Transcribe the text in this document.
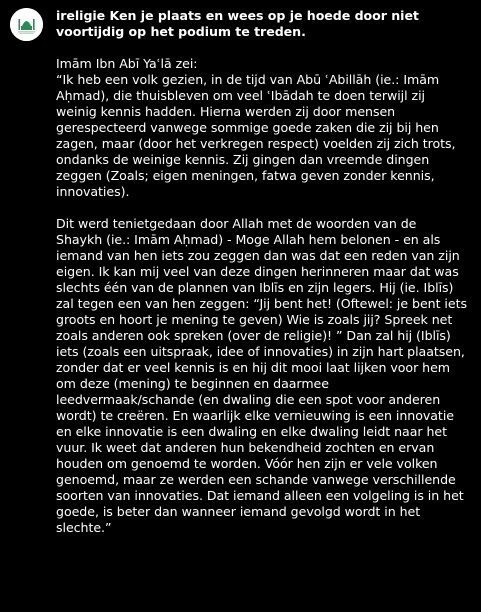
ireligie Ken je plaats en wees op je hoede door niet
voortijdig op het podium te treden.
Imām Ibn Abī Yaʿlā zei:
“Ik heb een volk gezien, in de tijd van Abū ʿAbillāh (ie.: Imām
Aḥmad), die thuisbleven om veel ʿIbādah te doen terwijl zij
weinig kennis hadden. Hierna werden zij door mensen
gerespecteerd vanwege sommige goede zaken die zij bij hen
zagen, maar (door het verkregen respect) voelden zij zich trots,
ondanks de weinige kennis. Zij gingen dan vreemde dingen
zeggen (Zoals; eigen meningen, fatwa geven zonder kennis,
innovaties).
Dit werd tenietgedaan door Allah met de woorden van de
Shaykh (ie.: Imām Aḥmad) - Moge Allah hem belonen - en als
iemand van hen iets zou zeggen dan was dat een reden van zijn
eigen. Ik kan mij veel van deze dingen herinneren maar dat was
slechts één van de plannen van Iblīs en zijn legers. Hij (ie. Iblīs)
zal tegen een van hen zeggen: “Jij bent het! (Oftewel: je bent iets
groots en hoort je mening te geven) Wie is zoals jij? Spreek net
zoals anderen ook spreken (over de religie)! ” Dan zal hij (Iblīs)
iets (zoals een uitspraak, idee of innovaties) in zijn hart plaatsen,
zonder dat er veel kennis is en hij dit mooi laat lijken voor hem
om deze (mening) te beginnen en daarmee
leedvermaak/schande (en dwaling die een spot voor anderen
wordt) te creëren. En waarlijk elke vernieuwing is een innovatie
en elke innovatie is een dwaling en elke dwaling leidt naar het
vuur. Ik weet dat anderen hun bekendheid zochten en ervan
houden om genoemd te worden. Vóór hen zijn er vele volken
genoemd, maar ze werden een schande vanwege verschillende
soorten van innovaties. Dat iemand alleen een volgeling is in het
goede, is beter dan wanneer iemand gevolgd wordt in het
slechte.”
